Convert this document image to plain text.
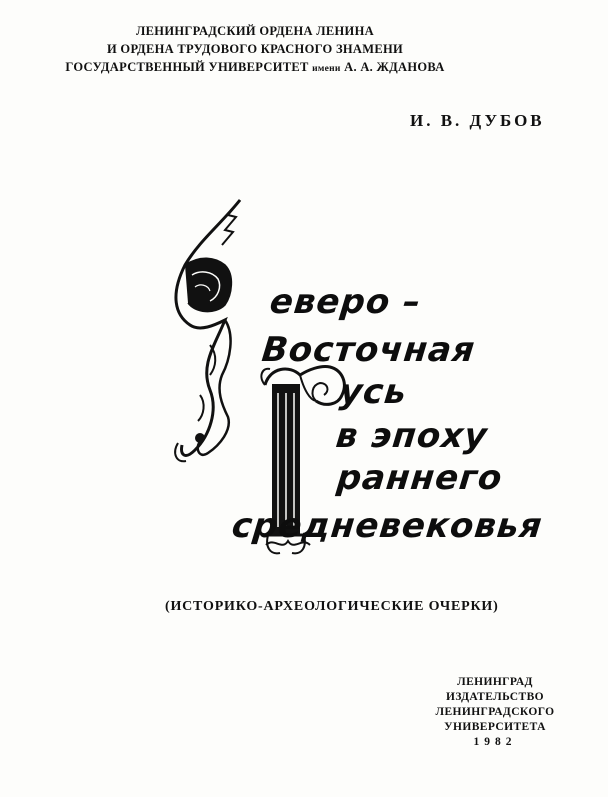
ЛЕНИНГРАДСКИЙ ОРДЕНА ЛЕНИНА
И ОРДЕНА ТРУДОВОГО КРАСНОГО ЗНАМЕНИ
ГОСУДАРСТВЕННЫЙ УНИВЕРСИТЕТ имени А. А. ЖДАНОВА
И. В. ДУБОВ
еверо –
Восточная
усь
в эпоху
раннего
средневековья
(ИСТОРИКО-АРХЕОЛОГИЧЕСКИЕ ОЧЕРКИ)
ЛЕНИНГРАД
ИЗДАТЕЛЬСТВО
ЛЕНИНГРАДСКОГО
УНИВЕРСИТЕТА
1982
